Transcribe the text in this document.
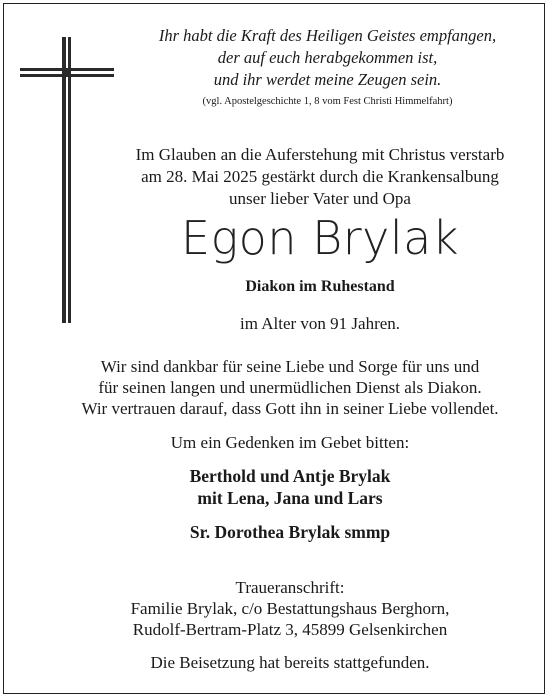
Ihr habt die Kraft des Heiligen Geistes empfangen,
der auf euch herabgekommen ist,
und ihr werdet meine Zeugen sein.
(vgl. Apostelgeschichte 1, 8 vom Fest Christi Himmelfahrt)
Im Glauben an die Auferstehung mit Christus verstarb
am 28. Mai 2025 gestärkt durch die Krankensalbung
unser lieber Vater und Opa
Egon Brylak
Diakon im Ruhestand
im Alter von 91 Jahren.
Wir sind dankbar für seine Liebe und Sorge für uns und
für seinen langen und unermüdlichen Dienst als Diakon.
Wir vertrauen darauf, dass Gott ihn in seiner Liebe vollendet.
Um ein Gedenken im Gebet bitten:
Berthold und Antje Brylak
mit Lena, Jana und Lars
Sr. Dorothea Brylak smmp
Traueranschrift:
Familie Brylak, c/o Bestattungshaus Berghorn,
Rudolf-Bertram-Platz 3, 45899 Gelsenkirchen
Die Beisetzung hat bereits stattgefunden.
